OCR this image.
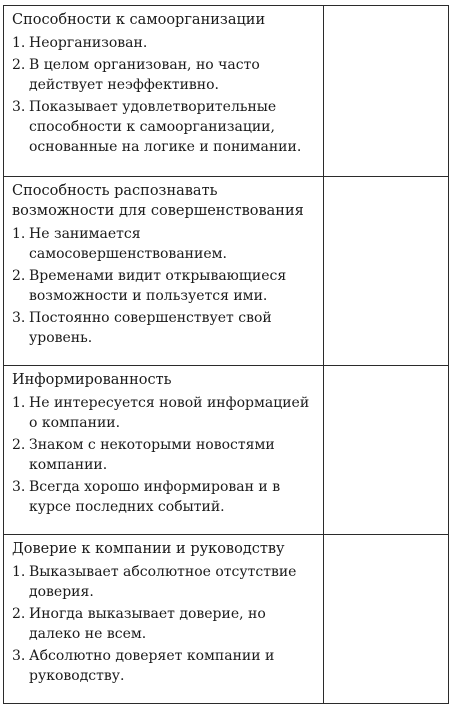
Способности к самоорганизации
1. Неорганизован.
2. В целом организован, но часто действует неэффективно.
3. Показывает удовлетворительные способности к самоорганизации, основанные на логике и понимании.	

Способность распознавать возможности для совершенствования
1. Не занимается самосовершенствованием.
2. Временами видит открывающиеся возможности и пользуется ими.
3. Постоянно совершенствует свой уровень.	

Информированность
1. Не интересуется новой информацией о компании.
2. Знаком с некоторыми новостями компании.
3. Всегда хорошо информирован и в курсе последних событий.	

Доверие к компании и руководству
1. Выказывает абсолютное отсутствие доверия.
2. Иногда выказывает доверие, но далеко не всем.
3. Абсолютно доверяет компании и руководству.	
